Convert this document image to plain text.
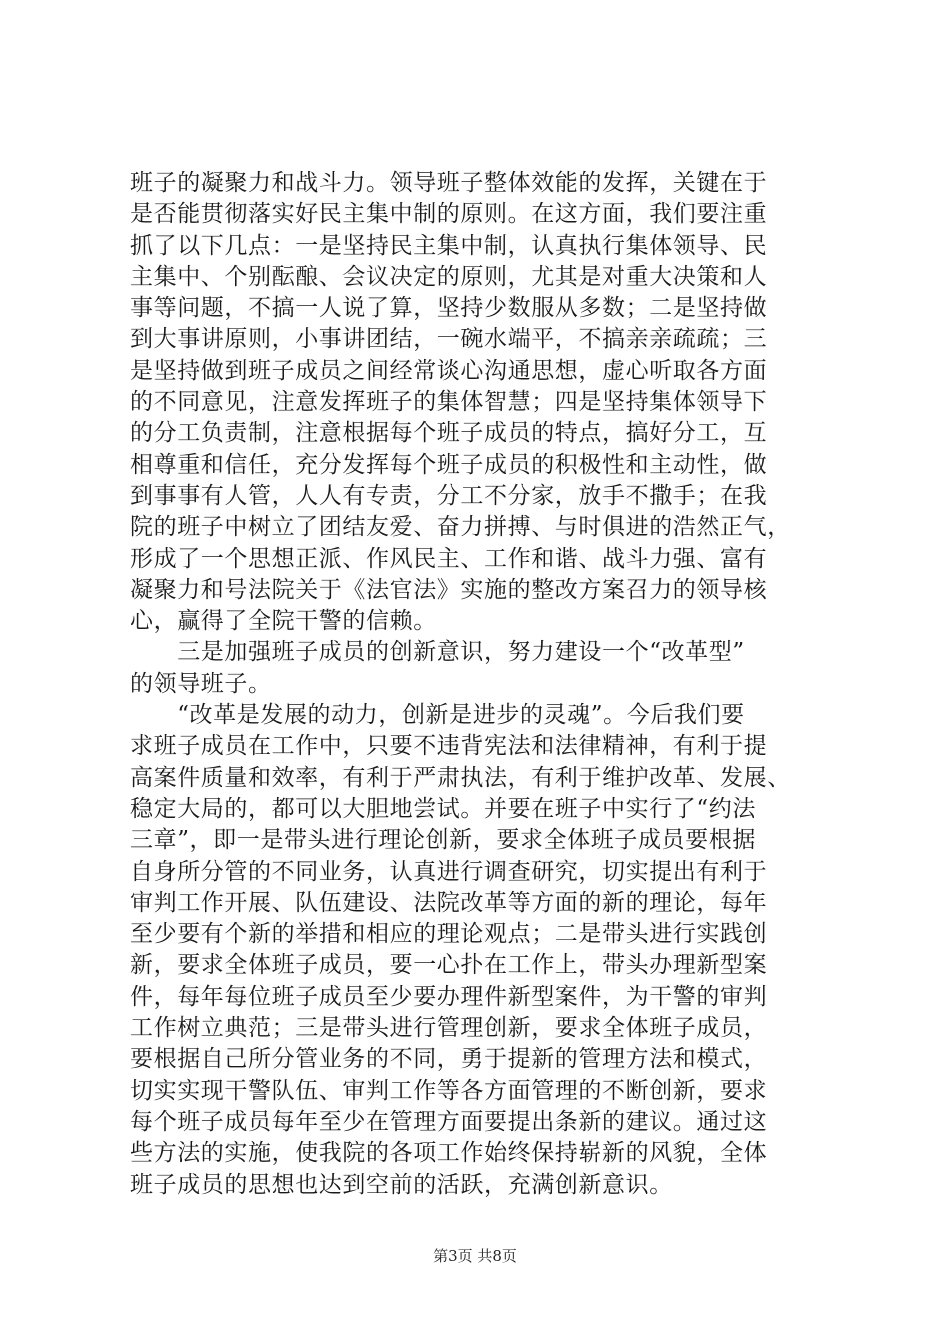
班子的凝聚力和战斗力。领导班子整体效能的发挥，关键在于
是否能贯彻落实好民主集中制的原则。在这方面，我们要注重
抓了以下几点：一是坚持民主集中制，认真执行集体领导、民
主集中、个别酝酿、会议决定的原则，尤其是对重大决策和人
事等问题，不搞一人说了算，坚持少数服从多数；二是坚持做
到大事讲原则，小事讲团结，一碗水端平，不搞亲亲疏疏；三
是坚持做到班子成员之间经常谈心沟通思想，虚心听取各方面
的不同意见，注意发挥班子的集体智慧；四是坚持集体领导下
的分工负责制，注意根据每个班子成员的特点，搞好分工，互
相尊重和信任，充分发挥每个班子成员的积极性和主动性，做
到事事有人管，人人有专责，分工不分家，放手不撒手；在我
院的班子中树立了团结友爱、奋力拼搏、与时俱进的浩然正气，
形成了一个思想正派、作风民主、工作和谐、战斗力强、富有
凝聚力和号法院关于《法官法》实施的整改方案召力的领导核
心，赢得了全院干警的信赖。
　　三是加强班子成员的创新意识，努力建设一个“改革型”
的领导班子。
　　“改革是发展的动力，创新是进步的灵魂”。今后我们要
求班子成员在工作中，只要不违背宪法和法律精神，有利于提
高案件质量和效率，有利于严肃执法，有利于维护改革、发展、
稳定大局的，都可以大胆地尝试。并要在班子中实行了“约法
三章”，即一是带头进行理论创新，要求全体班子成员要根据
自身所分管的不同业务，认真进行调查研究，切实提出有利于
审判工作开展、队伍建设、法院改革等方面的新的理论，每年
至少要有个新的举措和相应的理论观点；二是带头进行实践创
新，要求全体班子成员，要一心扑在工作上，带头办理新型案
件，每年每位班子成员至少要办理件新型案件，为干警的审判
工作树立典范；三是带头进行管理创新，要求全体班子成员，
要根据自己所分管业务的不同，勇于提新的管理方法和模式，
切实实现干警队伍、审判工作等各方面管理的不断创新，要求
每个班子成员每年至少在管理方面要提出条新的建议。通过这
些方法的实施，使我院的各项工作始终保持崭新的风貌，全体
班子成员的思想也达到空前的活跃，充满创新意识。
第3页 共8页
